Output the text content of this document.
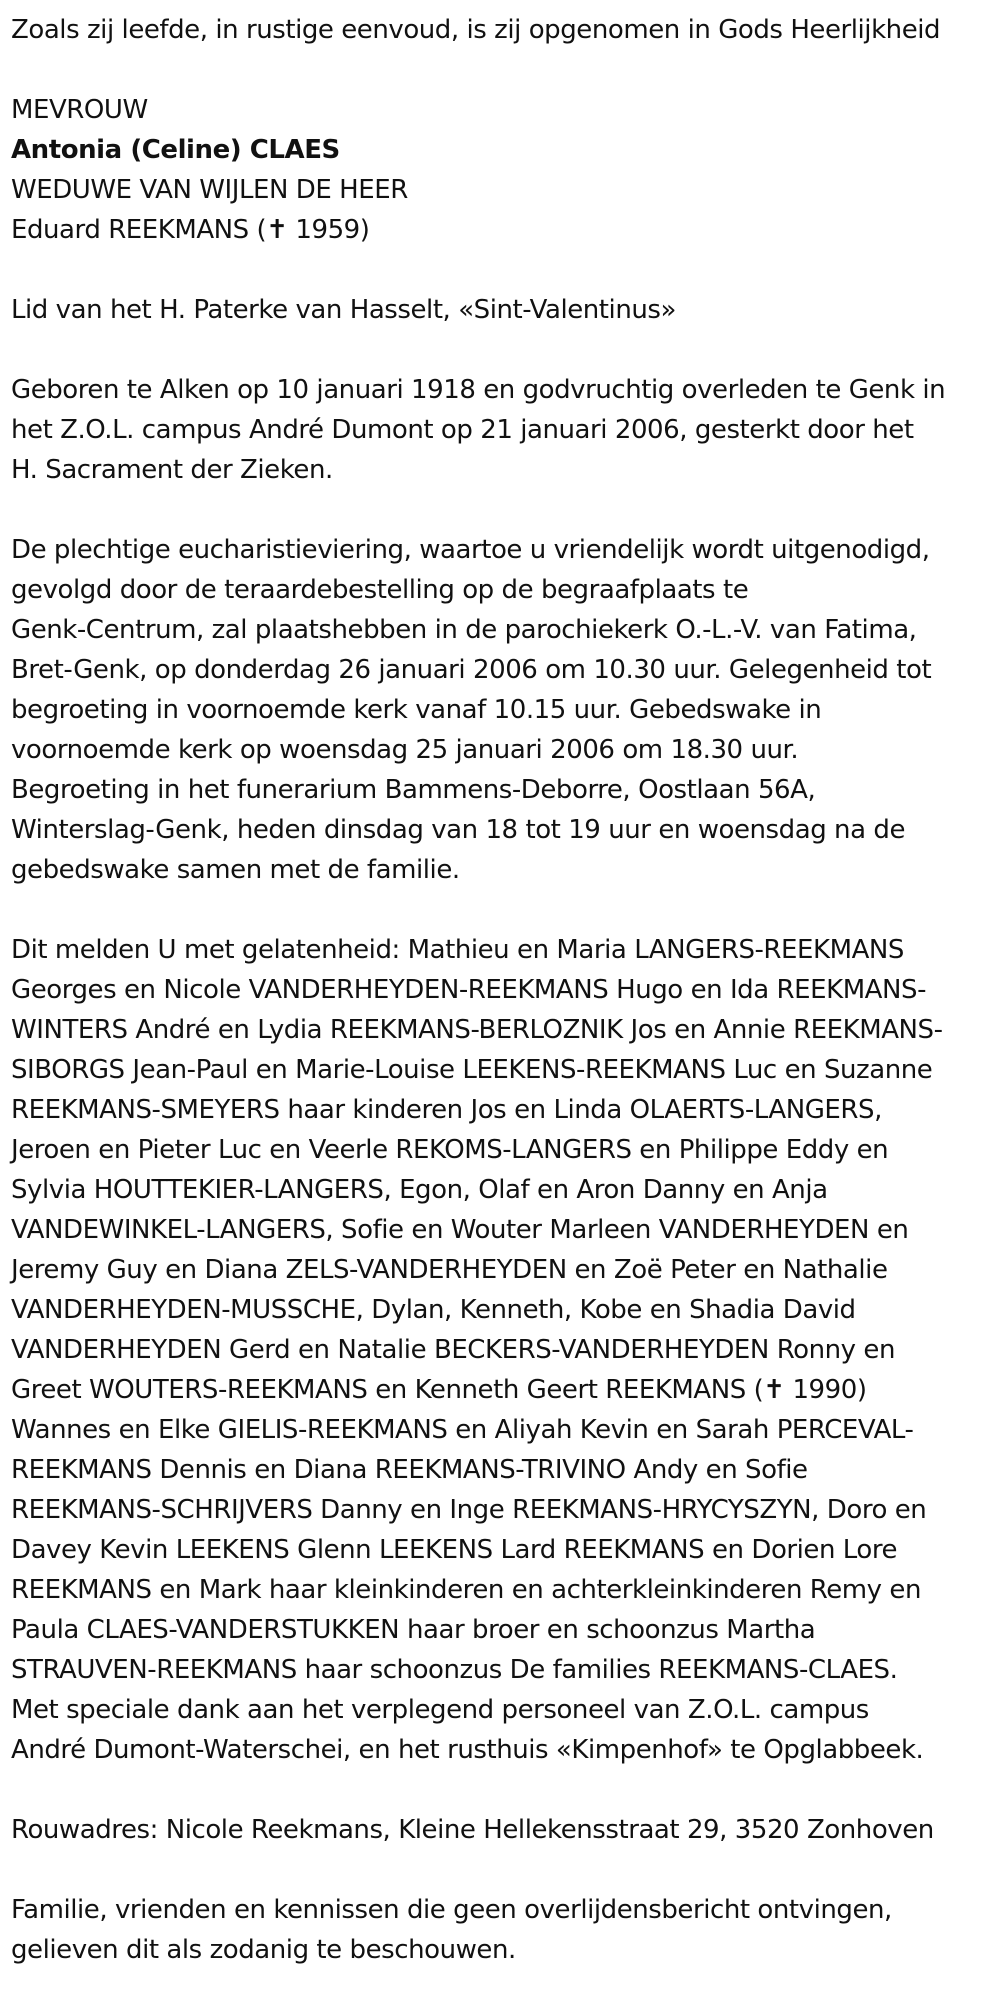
Zoals zij leefde, in rustige eenvoud, is zij opgenomen in Gods Heerlijkheid
MEVROUW
Antonia (Celine) CLAES
WEDUWE VAN WIJLEN DE HEER
Eduard REEKMANS (✝ 1959)
Lid van het H. Paterke van Hasselt, «Sint-Valentinus»
Geboren te Alken op 10 januari 1918 en godvruchtig overleden te Genk in
het Z.O.L. campus André Dumont op 21 januari 2006, gesterkt door het
H. Sacrament der Zieken.
De plechtige eucharistieviering, waartoe u vriendelijk wordt uitgenodigd,
gevolgd door de teraardebestelling op de begraafplaats te
Genk-Centrum, zal plaatshebben in de parochiekerk O.-L.-V. van Fatima,
Bret-Genk, op donderdag 26 januari 2006 om 10.30 uur. Gelegenheid tot
begroeting in voornoemde kerk vanaf 10.15 uur. Gebedswake in
voornoemde kerk op woensdag 25 januari 2006 om 18.30 uur.
Begroeting in het funerarium Bammens-Deborre, Oostlaan 56A,
Winterslag-Genk, heden dinsdag van 18 tot 19 uur en woensdag na de
gebedswake samen met de familie.
Dit melden U met gelatenheid: Mathieu en Maria LANGERS-REEKMANS
Georges en Nicole VANDERHEYDEN-REEKMANS Hugo en Ida REEKMANS-
WINTERS André en Lydia REEKMANS-BERLOZNIK Jos en Annie REEKMANS-
SIBORGS Jean-Paul en Marie-Louise LEEKENS-REEKMANS Luc en Suzanne
REEKMANS-SMEYERS haar kinderen Jos en Linda OLAERTS-LANGERS,
Jeroen en Pieter Luc en Veerle REKOMS-LANGERS en Philippe Eddy en
Sylvia HOUTTEKIER-LANGERS, Egon, Olaf en Aron Danny en Anja
VANDEWINKEL-LANGERS, Sofie en Wouter Marleen VANDERHEYDEN en
Jeremy Guy en Diana ZELS-VANDERHEYDEN en Zoë Peter en Nathalie
VANDERHEYDEN-MUSSCHE, Dylan, Kenneth, Kobe en Shadia David
VANDERHEYDEN Gerd en Natalie BECKERS-VANDERHEYDEN Ronny en
Greet WOUTERS-REEKMANS en Kenneth Geert REEKMANS (✝ 1990)
Wannes en Elke GIELIS-REEKMANS en Aliyah Kevin en Sarah PERCEVAL-
REEKMANS Dennis en Diana REEKMANS-TRIVINO Andy en Sofie
REEKMANS-SCHRIJVERS Danny en Inge REEKMANS-HRYCYSZYN, Doro en
Davey Kevin LEEKENS Glenn LEEKENS Lard REEKMANS en Dorien Lore
REEKMANS en Mark haar kleinkinderen en achterkleinkinderen Remy en
Paula CLAES-VANDERSTUKKEN haar broer en schoonzus Martha
STRAUVEN-REEKMANS haar schoonzus De families REEKMANS-CLAES.
Met speciale dank aan het verplegend personeel van Z.O.L. campus
André Dumont-Waterschei, en het rusthuis «Kimpenhof» te Opglabbeek.
Rouwadres: Nicole Reekmans, Kleine Hellekensstraat 29, 3520 Zonhoven
Familie, vrienden en kennissen die geen overlijdensbericht ontvingen,
gelieven dit als zodanig te beschouwen.
